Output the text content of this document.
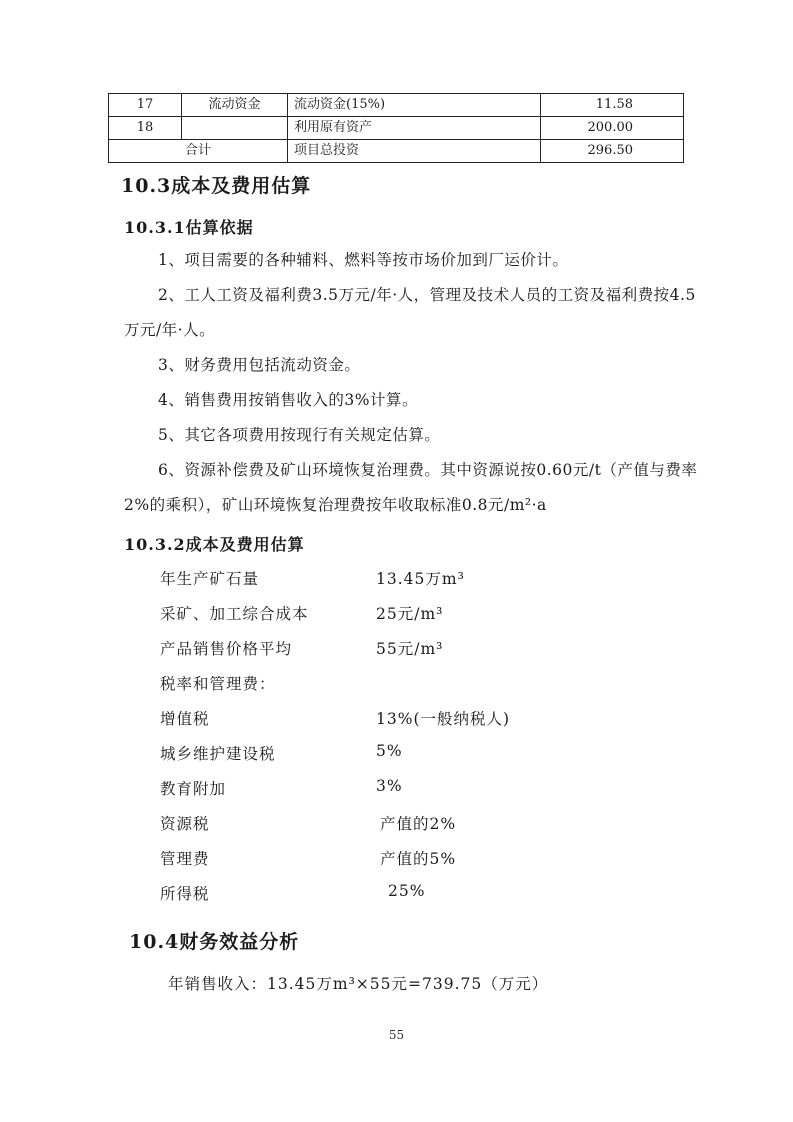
17	流动资金	流动资金(15%)	11.58
18		利用原有资产	200.00
合计		项目总投资	296.50
10.3成本及费用估算
10.3.1估算依据

1、项目需要的各种辅料、燃料等按市场价加到厂运价计。

2、工人工资及福利费3.5万元/年·人，管理及技术人员的工资及福利费按4.5万元/年·人。

3、财务费用包括流动资金。

4、销售费用按销售收入的3%计算。

5、其它各项费用按现行有关规定估算。

6、资源补偿费及矿山环境恢复治理费。其中资源说按0.60元/t（产值与费率2%的乘积），矿山环境恢复治理费按年收取标准0.8元/m²·a

10.3.2成本及费用估算
年生产矿石量	13.45万m³
采矿、加工综合成本	25元/m³
产品销售价格平均	55元/m³
税率和管理费：
增值税	13%(一般纳税人)
城乡维护建设税	5%
教育附加	3%
资源税	产值的2%
管理费	产值的5%
所得税	25%
10.4财务效益分析
年销售收入：13.45万m³×55元=739.75（万元）
55
